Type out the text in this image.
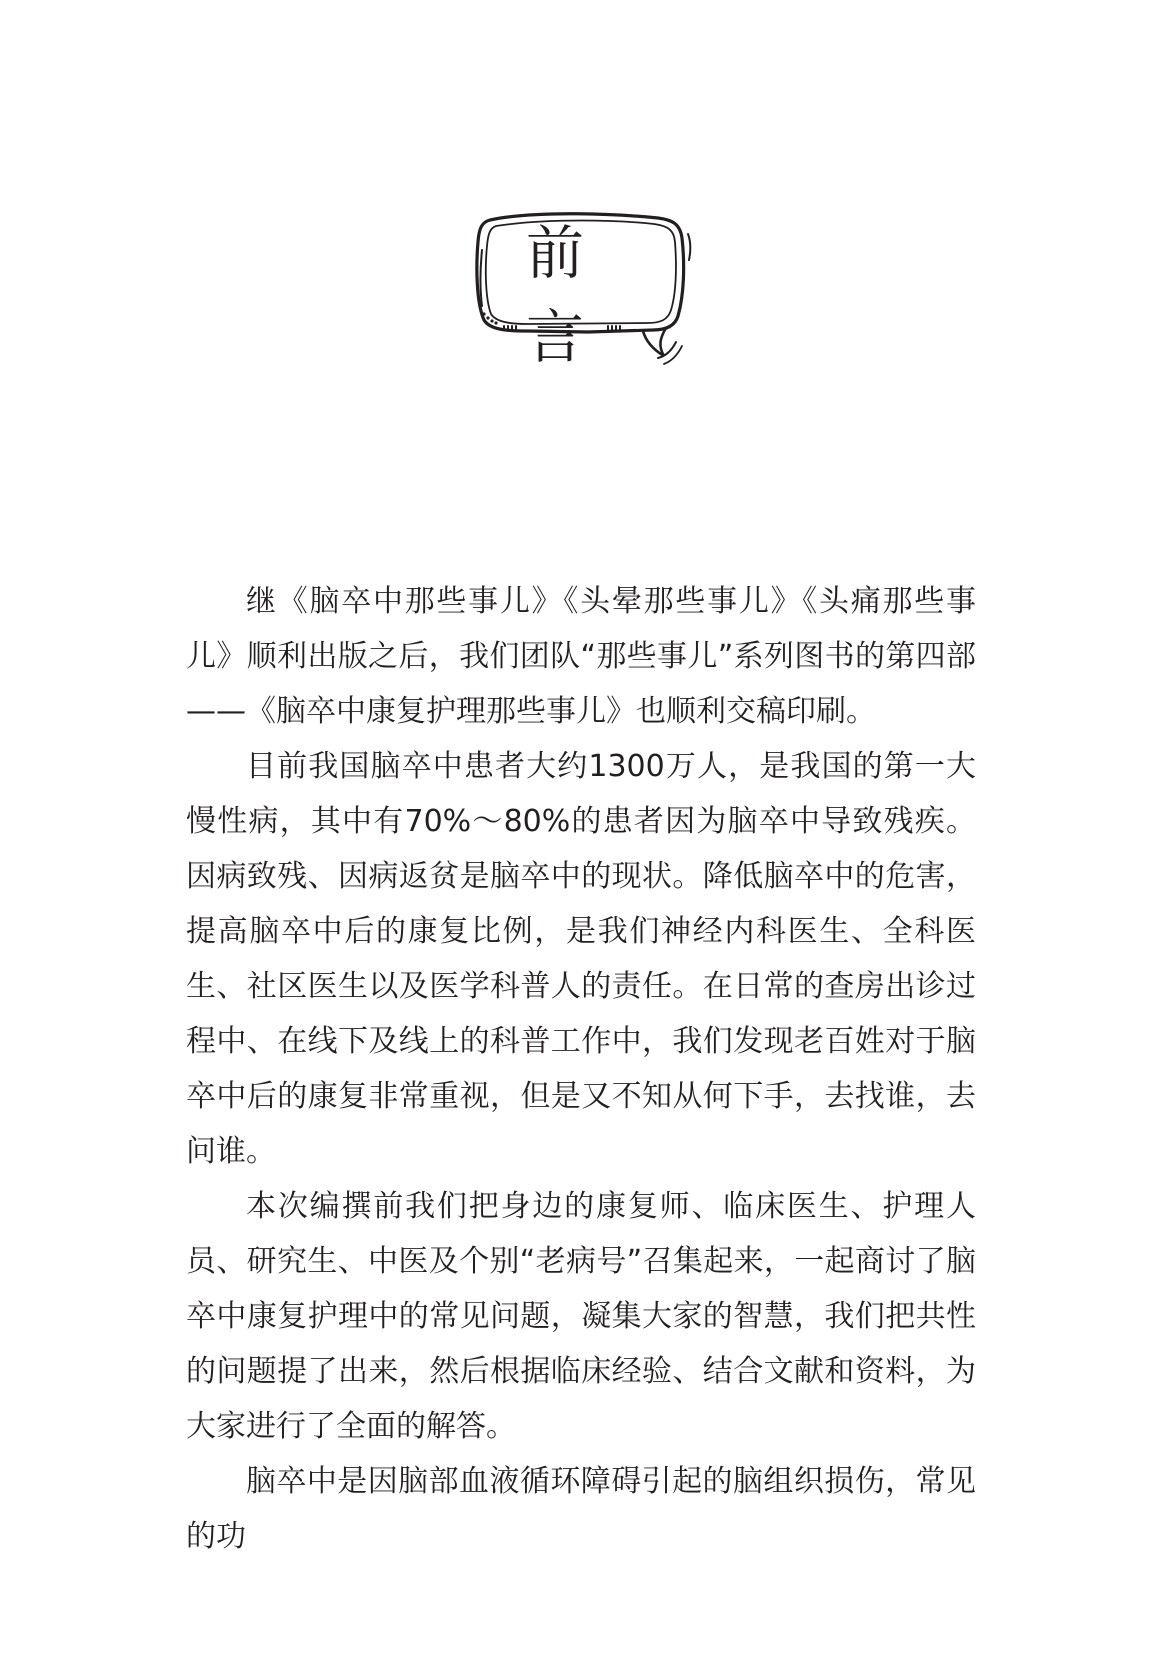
前言

继《脑卒中那些事儿》《头晕那些事儿》《头痛那些事儿》顺利出版之后，我们团队“那些事儿”系列图书的第四部——《脑卒中康复护理那些事儿》也顺利交稿印刷。

目前我国脑卒中患者大约1300万人，是我国的第一大慢性病，其中有70%～80%的患者因为脑卒中导致残疾。因病致残、因病返贫是脑卒中的现状。降低脑卒中的危害，提高脑卒中后的康复比例，是我们神经内科医生、全科医生、社区医生以及医学科普人的责任。在日常的查房出诊过程中、在线下及线上的科普工作中，我们发现老百姓对于脑卒中后的康复非常重视，但是又不知从何下手，去找谁，去问谁。

本次编撰前我们把身边的康复师、临床医生、护理人员、研究生、中医及个别“老病号”召集起来，一起商讨了脑卒中康复护理中的常见问题，凝集大家的智慧，我们把共性的问题提了出来，然后根据临床经验、结合文献和资料，为大家进行了全面的解答。

脑卒中是因脑部血液循环障碍引起的脑组织损伤，常见的功
